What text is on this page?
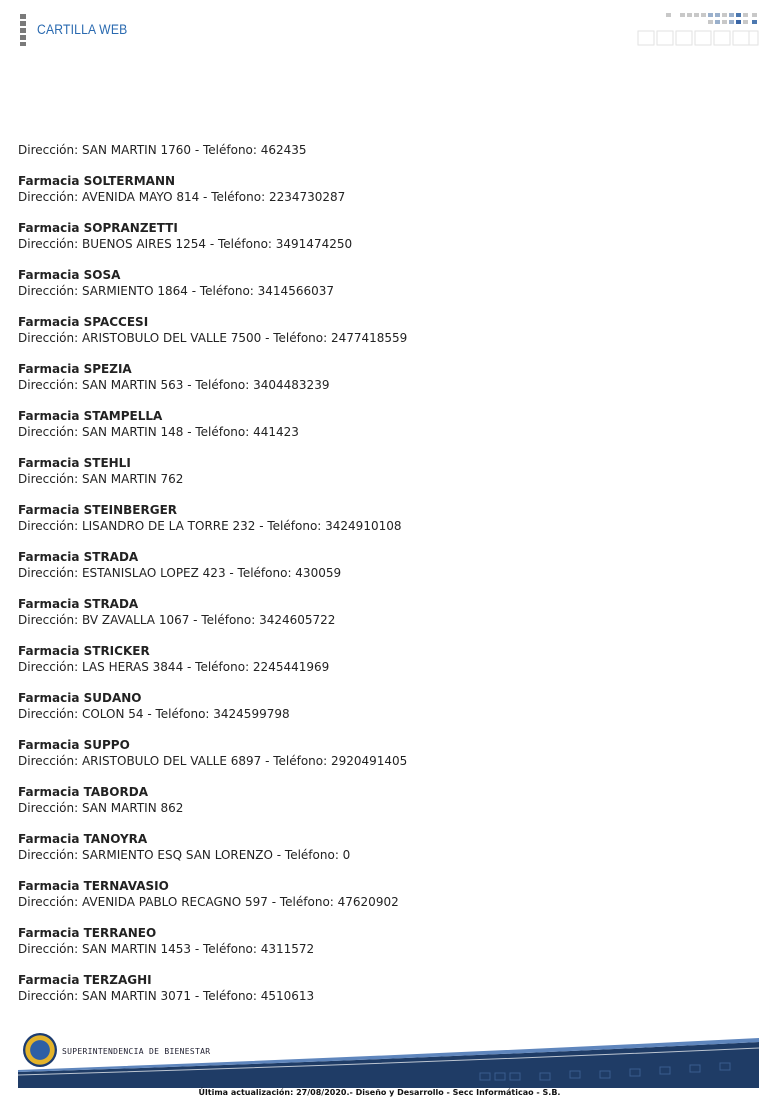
CARTILLA WEB
Dirección: SAN MARTIN 1760 - Teléfono: 462435
Farmacia SOLTERMANN
Dirección: AVENIDA MAYO 814 - Teléfono: 2234730287
Farmacia SOPRANZETTI
Dirección: BUENOS AIRES 1254 - Teléfono: 3491474250
Farmacia SOSA
Dirección: SARMIENTO 1864 - Teléfono: 3414566037
Farmacia SPACCESI
Dirección: ARISTOBULO DEL VALLE 7500 - Teléfono: 2477418559
Farmacia SPEZIA
Dirección: SAN MARTIN 563 - Teléfono: 3404483239
Farmacia STAMPELLA
Dirección: SAN MARTIN 148 - Teléfono: 441423
Farmacia STEHLI
Dirección: SAN MARTIN 762
Farmacia STEINBERGER
Dirección: LISANDRO DE LA TORRE 232 - Teléfono: 3424910108
Farmacia STRADA
Dirección: ESTANISLAO LOPEZ 423 - Teléfono: 430059
Farmacia STRADA
Dirección: BV ZAVALLA 1067 - Teléfono: 3424605722
Farmacia STRICKER
Dirección: LAS HERAS 3844 - Teléfono: 2245441969
Farmacia SUDANO
Dirección: COLON 54 - Teléfono: 3424599798
Farmacia SUPPO
Dirección: ARISTOBULO DEL VALLE 6897 - Teléfono: 2920491405
Farmacia TABORDA
Dirección: SAN MARTIN 862
Farmacia TANOYRA
Dirección: SARMIENTO ESQ SAN LORENZO - Teléfono: 0
Farmacia TERNAVASIO
Dirección: AVENIDA PABLO RECAGNO 597 - Teléfono: 47620902
Farmacia TERRANEO
Dirección: SAN MARTIN 1453 - Teléfono: 4311572
Farmacia TERZAGHI
Dirección: SAN MARTIN 3071 - Teléfono: 4510613
SUPERINTENDENCIA DE BIENESTAR
Última actualización: 27/08/2020.- Diseño y Desarrollo - Secc Informáticao - S.B.
